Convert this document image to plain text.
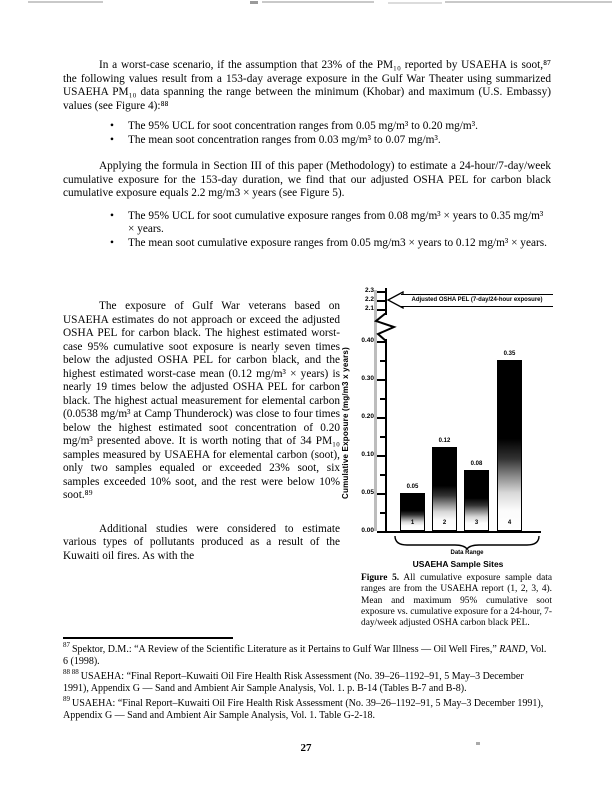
In a worst-case scenario, if the assumption that 23% of the PM₁₀ reported by USAEHA is soot,⁸⁷ the following values result from a 153-day average exposure in the Gulf War Theater using summarized USAEHA PM₁₀ data spanning the range between the minimum (Khobar) and maximum (U.S. Embassy) values (see Figure 4):⁸⁸

• The 95% UCL for soot concentration ranges from 0.05 mg/m³ to 0.20 mg/m³.
• The mean soot concentration ranges from 0.03 mg/m³ to 0.07 mg/m³.

Applying the formula in Section III of this paper (Methodology) to estimate a 24-hour/7-day/week cumulative exposure for the 153-day duration, we find that our adjusted OSHA PEL for carbon black cumulative exposure equals 2.2 mg/m3 × years (see Figure 5).

• The 95% UCL for soot cumulative exposure ranges from 0.08 mg/m³ × years to 0.35 mg/m³ × years.
• The mean soot cumulative exposure ranges from 0.05 mg/m3 × years to 0.12 mg/m³ × years.

The exposure of Gulf War veterans based on USAEHA estimates do not approach or exceed the adjusted OSHA PEL for carbon black. The highest estimated worst-case 95% cumulative soot exposure is nearly seven times below the adjusted OSHA PEL for carbon black, and the highest estimated worst-case mean (0.12 mg/m³ × years) is nearly 19 times below the adjusted OSHA PEL for carbon black. The highest actual measurement for elemental carbon (0.0538 mg/m³ at Camp Thunderock) was close to four times below the highest estimated soot concentration of 0.20 mg/m³ presented above. It is worth noting that of 34 PM₁₀ samples measured by USAEHA for elemental carbon (soot), only two samples equaled or exceeded 23% soot, six samples exceeded 10% soot, and the rest were below 10% soot.⁸⁹

Additional studies were considered to estimate various types of pollutants produced as a result of the Kuwaiti oil fires. As with the

Cumulative Exposure (mg/m3 x years)
Adjusted OSHA PEL (7-day/24-hour exposure)
Data Range
2.3
2.2
2.1
0.40
0.30
0.20
0.10
0.05
0.00
0.05
1
0.12
2
0.08
3
0.35
4
USAEHA Sample Sites

Figure 5. All cumulative exposure sample data ranges are from the USAEHA report (1, 2, 3, 4). Mean and maximum 95% cumulative soot exposure vs. cumulative exposure for a 24-hour, 7-day/week adjusted OSHA carbon black PEL.

$^{87}$ Spektor, D.M.: “A Review of the Scientific Literature as it Pertains to Gulf War Illness — Oil Well Fires,” RAND, Vol. 6 (1998).

$^{88 88}$ USAEHA: “Final Report–Kuwaiti Oil Fire Health Risk Assessment (No. 39–26–1192–91, 5 May–3 December 1991), Appendix G — Sand and Ambient Air Sample Analysis, Vol. 1. p. B-14 (Tables B-7 and B-8).

$^{89}$ USAEHA: “Final Report–Kuwaiti Oil Fire Health Risk Assessment (No. 39–26–1192–91, 5 May–3 December 1991), Appendix G — Sand and Ambient Air Sample Analysis, Vol. 1. Table G-2-18.

27
